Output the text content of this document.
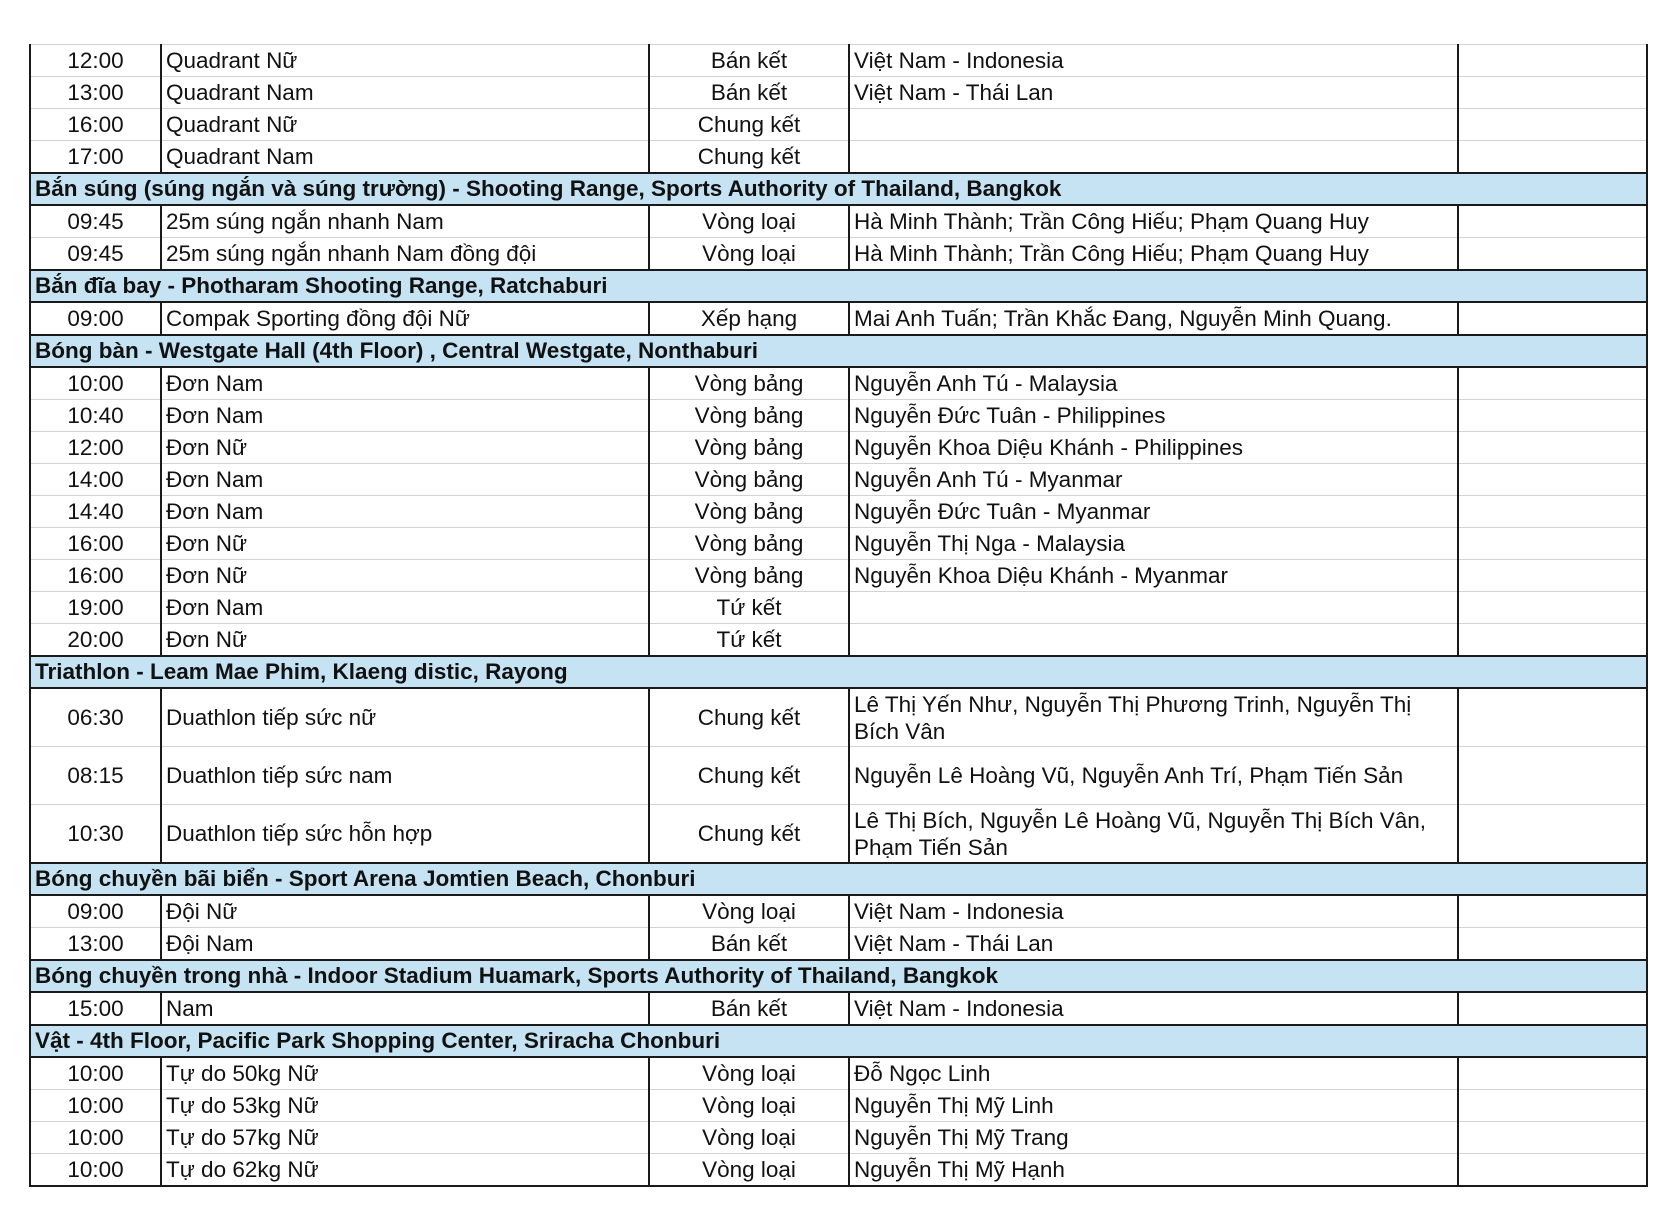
12:00	Quadrant Nữ	Bán kết	Việt Nam - Indonesia	
13:00	Quadrant Nam	Bán kết	Việt Nam - Thái Lan	
16:00	Quadrant Nữ	Chung kết		
17:00	Quadrant Nam	Chung kết		
Bắn súng (súng ngắn và súng trường) - Shooting Range, Sports Authority of Thailand, Bangkok				
09:45	25m súng ngắn nhanh Nam	Vòng loại	Hà Minh Thành; Trần Công Hiếu; Phạm Quang Huy	
09:45	25m súng ngắn nhanh Nam đồng đội	Vòng loại	Hà Minh Thành; Trần Công Hiếu; Phạm Quang Huy	
Bắn đĩa bay - Photharam Shooting Range, Ratchaburi				
09:00	Compak Sporting đồng đội Nữ	Xếp hạng	Mai Anh Tuấn; Trần Khắc Đang, Nguyễn Minh Quang.	
Bóng bàn - Westgate Hall (4th Floor) , Central Westgate, Nonthaburi				
10:00	Đơn Nam	Vòng bảng	Nguyễn Anh Tú - Malaysia	
10:40	Đơn Nam	Vòng bảng	Nguyễn Đức Tuân - Philippines	
12:00	Đơn Nữ	Vòng bảng	Nguyễn Khoa Diệu Khánh - Philippines	
14:00	Đơn Nam	Vòng bảng	Nguyễn Anh Tú - Myanmar	
14:40	Đơn Nam	Vòng bảng	Nguyễn Đức Tuân - Myanmar	
16:00	Đơn Nữ	Vòng bảng	Nguyễn Thị Nga - Malaysia	
16:00	Đơn Nữ	Vòng bảng	Nguyễn Khoa Diệu Khánh - Myanmar	
19:00	Đơn Nam	Tứ kết		
20:00	Đơn Nữ	Tứ kết		
Triathlon - Leam Mae Phim, Klaeng distic, Rayong				
06:30	Duathlon tiếp sức nữ	Chung kết	Lê Thị Yến Như, Nguyễn Thị Phương Trinh, Nguyễn Thị Bích Vân	
08:15	Duathlon tiếp sức nam	Chung kết	Nguyễn Lê Hoàng Vũ, Nguyễn Anh Trí, Phạm Tiến Sản	
10:30	Duathlon tiếp sức hỗn hợp	Chung kết	Lê Thị Bích, Nguyễn Lê Hoàng Vũ, Nguyễn Thị Bích Vân, Phạm Tiến Sản	
Bóng chuyền bãi biển - Sport Arena Jomtien Beach, Chonburi				
09:00	Đội Nữ	Vòng loại	Việt Nam - Indonesia	
13:00	Đội Nam	Bán kết	Việt Nam - Thái Lan	
Bóng chuyền trong nhà - Indoor Stadium Huamark, Sports Authority of Thailand, Bangkok				
15:00	Nam	Bán kết	Việt Nam - Indonesia	
Vật - 4th Floor, Pacific Park Shopping Center, Sriracha Chonburi				
10:00	Tự do 50kg Nữ	Vòng loại	Đỗ Ngọc Linh	
10:00	Tự do 53kg Nữ	Vòng loại	Nguyễn Thị Mỹ Linh	
10:00	Tự do 57kg Nữ	Vòng loại	Nguyễn Thị Mỹ Trang	
10:00	Tự do 62kg Nữ	Vòng loại	Nguyễn Thị Mỹ Hạnh	
